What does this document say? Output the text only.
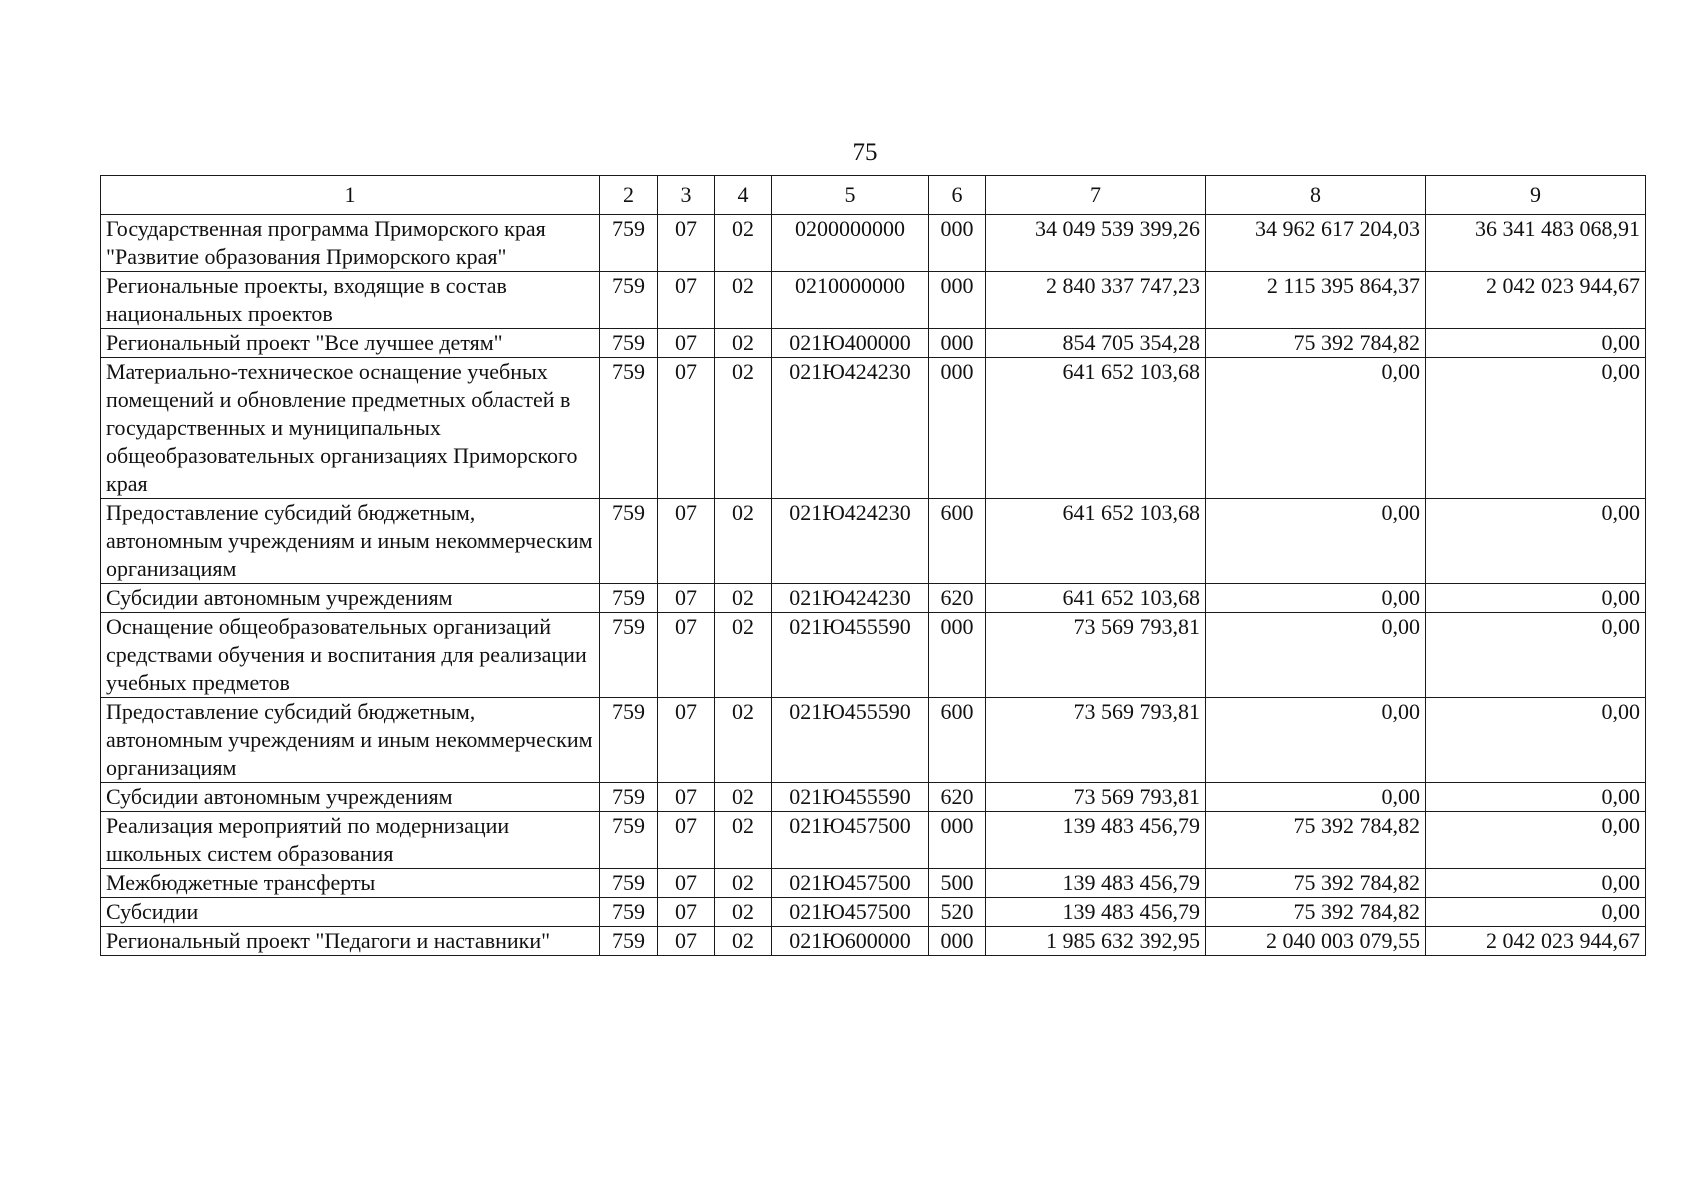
75
1	2	3	4	5	6	7	8	9
Государственная программа Приморского края "Развитие образования Приморского края"	759	07	02	0200000000	000	34 049 539 399,26	34 962 617 204,03	36 341 483 068,91
Региональные проекты, входящие в состав национальных проектов	759	07	02	0210000000	000	2 840 337 747,23	2 115 395 864,37	2 042 023 944,67
Региональный проект "Все лучшее детям"	759	07	02	021Ю400000	000	854 705 354,28	75 392 784,82	0,00
Материально-техническое оснащение учебных помещений и обновление предметных областей в государственных и муниципальных общеобразовательных организациях Приморского края	759	07	02	021Ю424230	000	641 652 103,68	0,00	0,00
Предоставление субсидий бюджетным, автономным учреждениям и иным некоммерческим организациям	759	07	02	021Ю424230	600	641 652 103,68	0,00	0,00
Субсидии автономным учреждениям	759	07	02	021Ю424230	620	641 652 103,68	0,00	0,00
Оснащение общеобразовательных организаций средствами обучения и воспитания для реализации учебных предметов	759	07	02	021Ю455590	000	73 569 793,81	0,00	0,00
Предоставление субсидий бюджетным, автономным учреждениям и иным некоммерческим организациям	759	07	02	021Ю455590	600	73 569 793,81	0,00	0,00
Субсидии автономным учреждениям	759	07	02	021Ю455590	620	73 569 793,81	0,00	0,00
Реализация мероприятий по модернизации школьных систем образования	759	07	02	021Ю457500	000	139 483 456,79	75 392 784,82	0,00
Межбюджетные трансферты	759	07	02	021Ю457500	500	139 483 456,79	75 392 784,82	0,00
Субсидии	759	07	02	021Ю457500	520	139 483 456,79	75 392 784,82	0,00
Региональный проект "Педагоги и наставники"	759	07	02	021Ю600000	000	1 985 632 392,95	2 040 003 079,55	2 042 023 944,67
